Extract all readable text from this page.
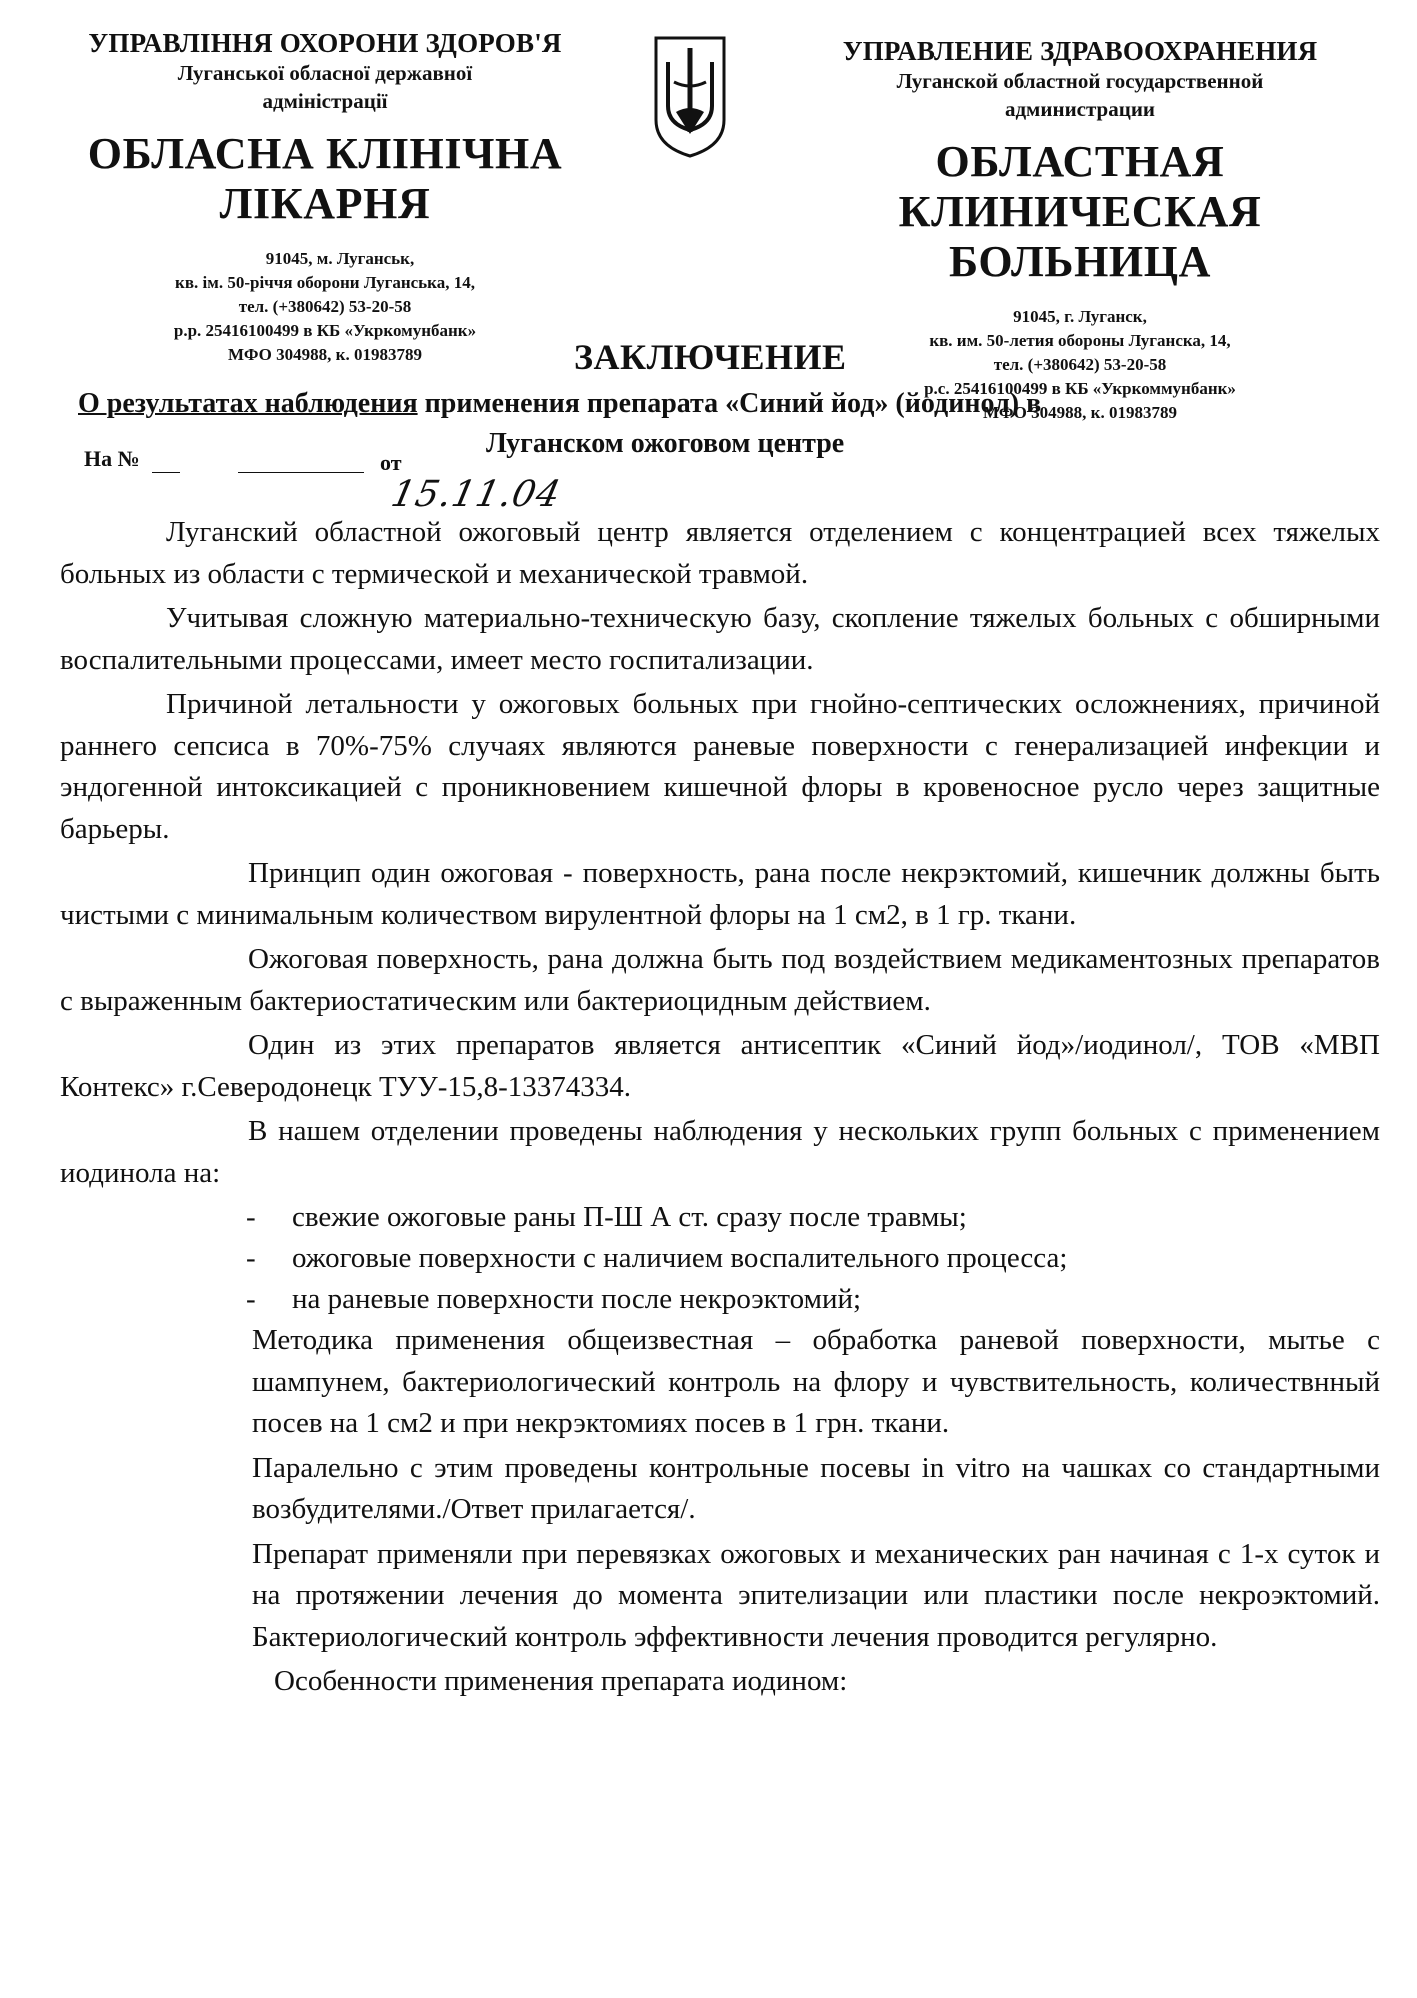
УПРАВЛІННЯ ОХОРОНИ ЗДОРОВ'Я
Луганської обласної державної
адміністрації
ОБЛАСНА КЛІНІЧНА
ЛІКАРНЯ
91045, м. Луганськ,
кв. ім. 50-річчя оборони Луганська, 14,
тел. (+380642) 53-20-58
р.р. 25416100499 в КБ «Укркомунбанк»
МФО 304988, к. 01983789
УПРАВЛЕНИЕ ЗДРАВООХРАНЕНИЯ
Луганской областной государственной
администрации
ОБЛАСТНАЯ КЛИНИЧЕСКАЯ
БОЛЬНИЦА
91045, г. Луганск,
кв. им. 50-летия обороны Луганска, 14,
тел. (+380642) 53-20-58
р.с. 25416100499 в КБ «Укркоммунбанк»
МФО 304988, к. 01983789
ЗАКЛЮЧЕНИЕ
О результатах наблюдения применения препарата «Синий йод» (йодинол) в
Луганском ожоговом центре
На №	от
15.11.04

Луганский областной ожоговый центр является отделением с концентрацией всех тяжелых больных из области с термической и механической травмой.

Учитывая сложную материально-техническую базу, скопление тяжелых больных с обширными воспалительными процессами, имеет место госпитализации.

Причиной летальности у ожоговых больных при гнойно-септических осложнениях, причиной раннего сепсиса в 70%-75% случаях являются раневые поверхности с генерализацией инфекции и эндогенной интоксикацией с проникновением кишечной флоры в кровеносное русло через защитные барьеры.

Принцип один ожоговая - поверхность, рана после некрэктомий, кишечник должны быть чистыми с минимальным количеством вирулентной флоры на 1 см2, в 1 гр. ткани.

Ожоговая поверхность, рана должна быть под воздействием медикаментозных препаратов с выраженным бактериостатическим или бактериоцидным действием.

Один из этих препаратов является антисептик «Синий йод»/иодинол/, ТОВ «МВП Контекс» г.Северодонецк ТУУ-15,8-13374334.

В нашем отделении проведены наблюдения у нескольких групп больных с применением иодинола на:

- свежие ожоговые раны П-Ш А ст. сразу после травмы;
- ожоговые поверхности с наличием воспалительного процесса;
- на раневые поверхности после некроэктомий;

Методика применения общеизвестная – обработка раневой поверхности, мытье с шампунем, бактериологический контроль на флору и чувствительность, количествнный посев на 1 см2 и при некрэктомиях посев в 1 грн. ткани.

Паралельно с этим проведены контрольные посевы in vitro на чашках со стандартными возбудителями./Ответ прилагается/.

Препарат применяли при перевязках ожоговых и механических ран начиная с 1-х суток и на протяжении лечения до момента эпителизации или пластики после некроэктомий. Бактериологический контроль эффективности лечения проводится регулярно.

Особенности применения препарата иодином:
